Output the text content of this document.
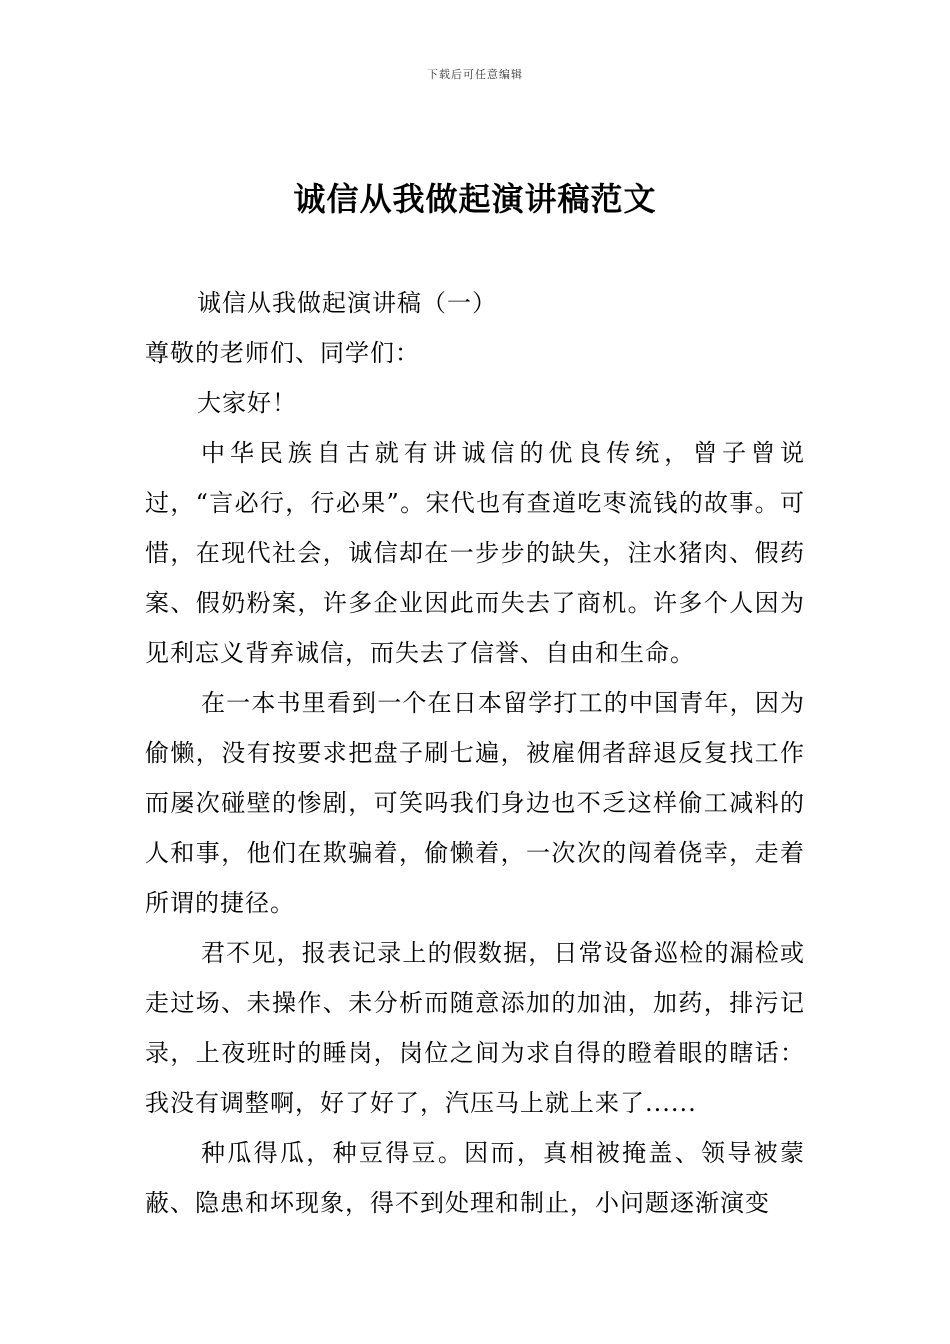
下载后可任意编辑
诚信从我做起演讲稿范文

诚信从我做起演讲稿（一）

尊敬的老师们、同学们：

大家好！

中华民族自古就有讲诚信的优良传统，曾子曾说过，“言必行，行必果”。宋代也有查道吃枣流钱的故事。可惜，在现代社会，诚信却在一步步的缺失，注水猪肉、假药案、假奶粉案，许多企业因此而失去了商机。许多个人因为见利忘义背弃诚信，而失去了信誉、自由和生命。

在一本书里看到一个在日本留学打工的中国青年，因为偷懒，没有按要求把盘子刷七遍，被雇佣者辞退反复找工作而屡次碰壁的惨剧，可笑吗我们身边也不乏这样偷工减料的人和事，他们在欺骗着，偷懒着，一次次的闯着侥幸，走着所谓的捷径。

君不见，报表记录上的假数据，日常设备巡检的漏检或走过场、未操作、未分析而随意添加的加油，加药，排污记录，上夜班时的睡岗，岗位之间为求自得的瞪着眼的瞎话：我没有调整啊，好了好了，汽压马上就上来了......

种瓜得瓜，种豆得豆。因而，真相被掩盖、领导被蒙蔽、隐患和坏现象，得不到处理和制止，小问题逐渐演变
